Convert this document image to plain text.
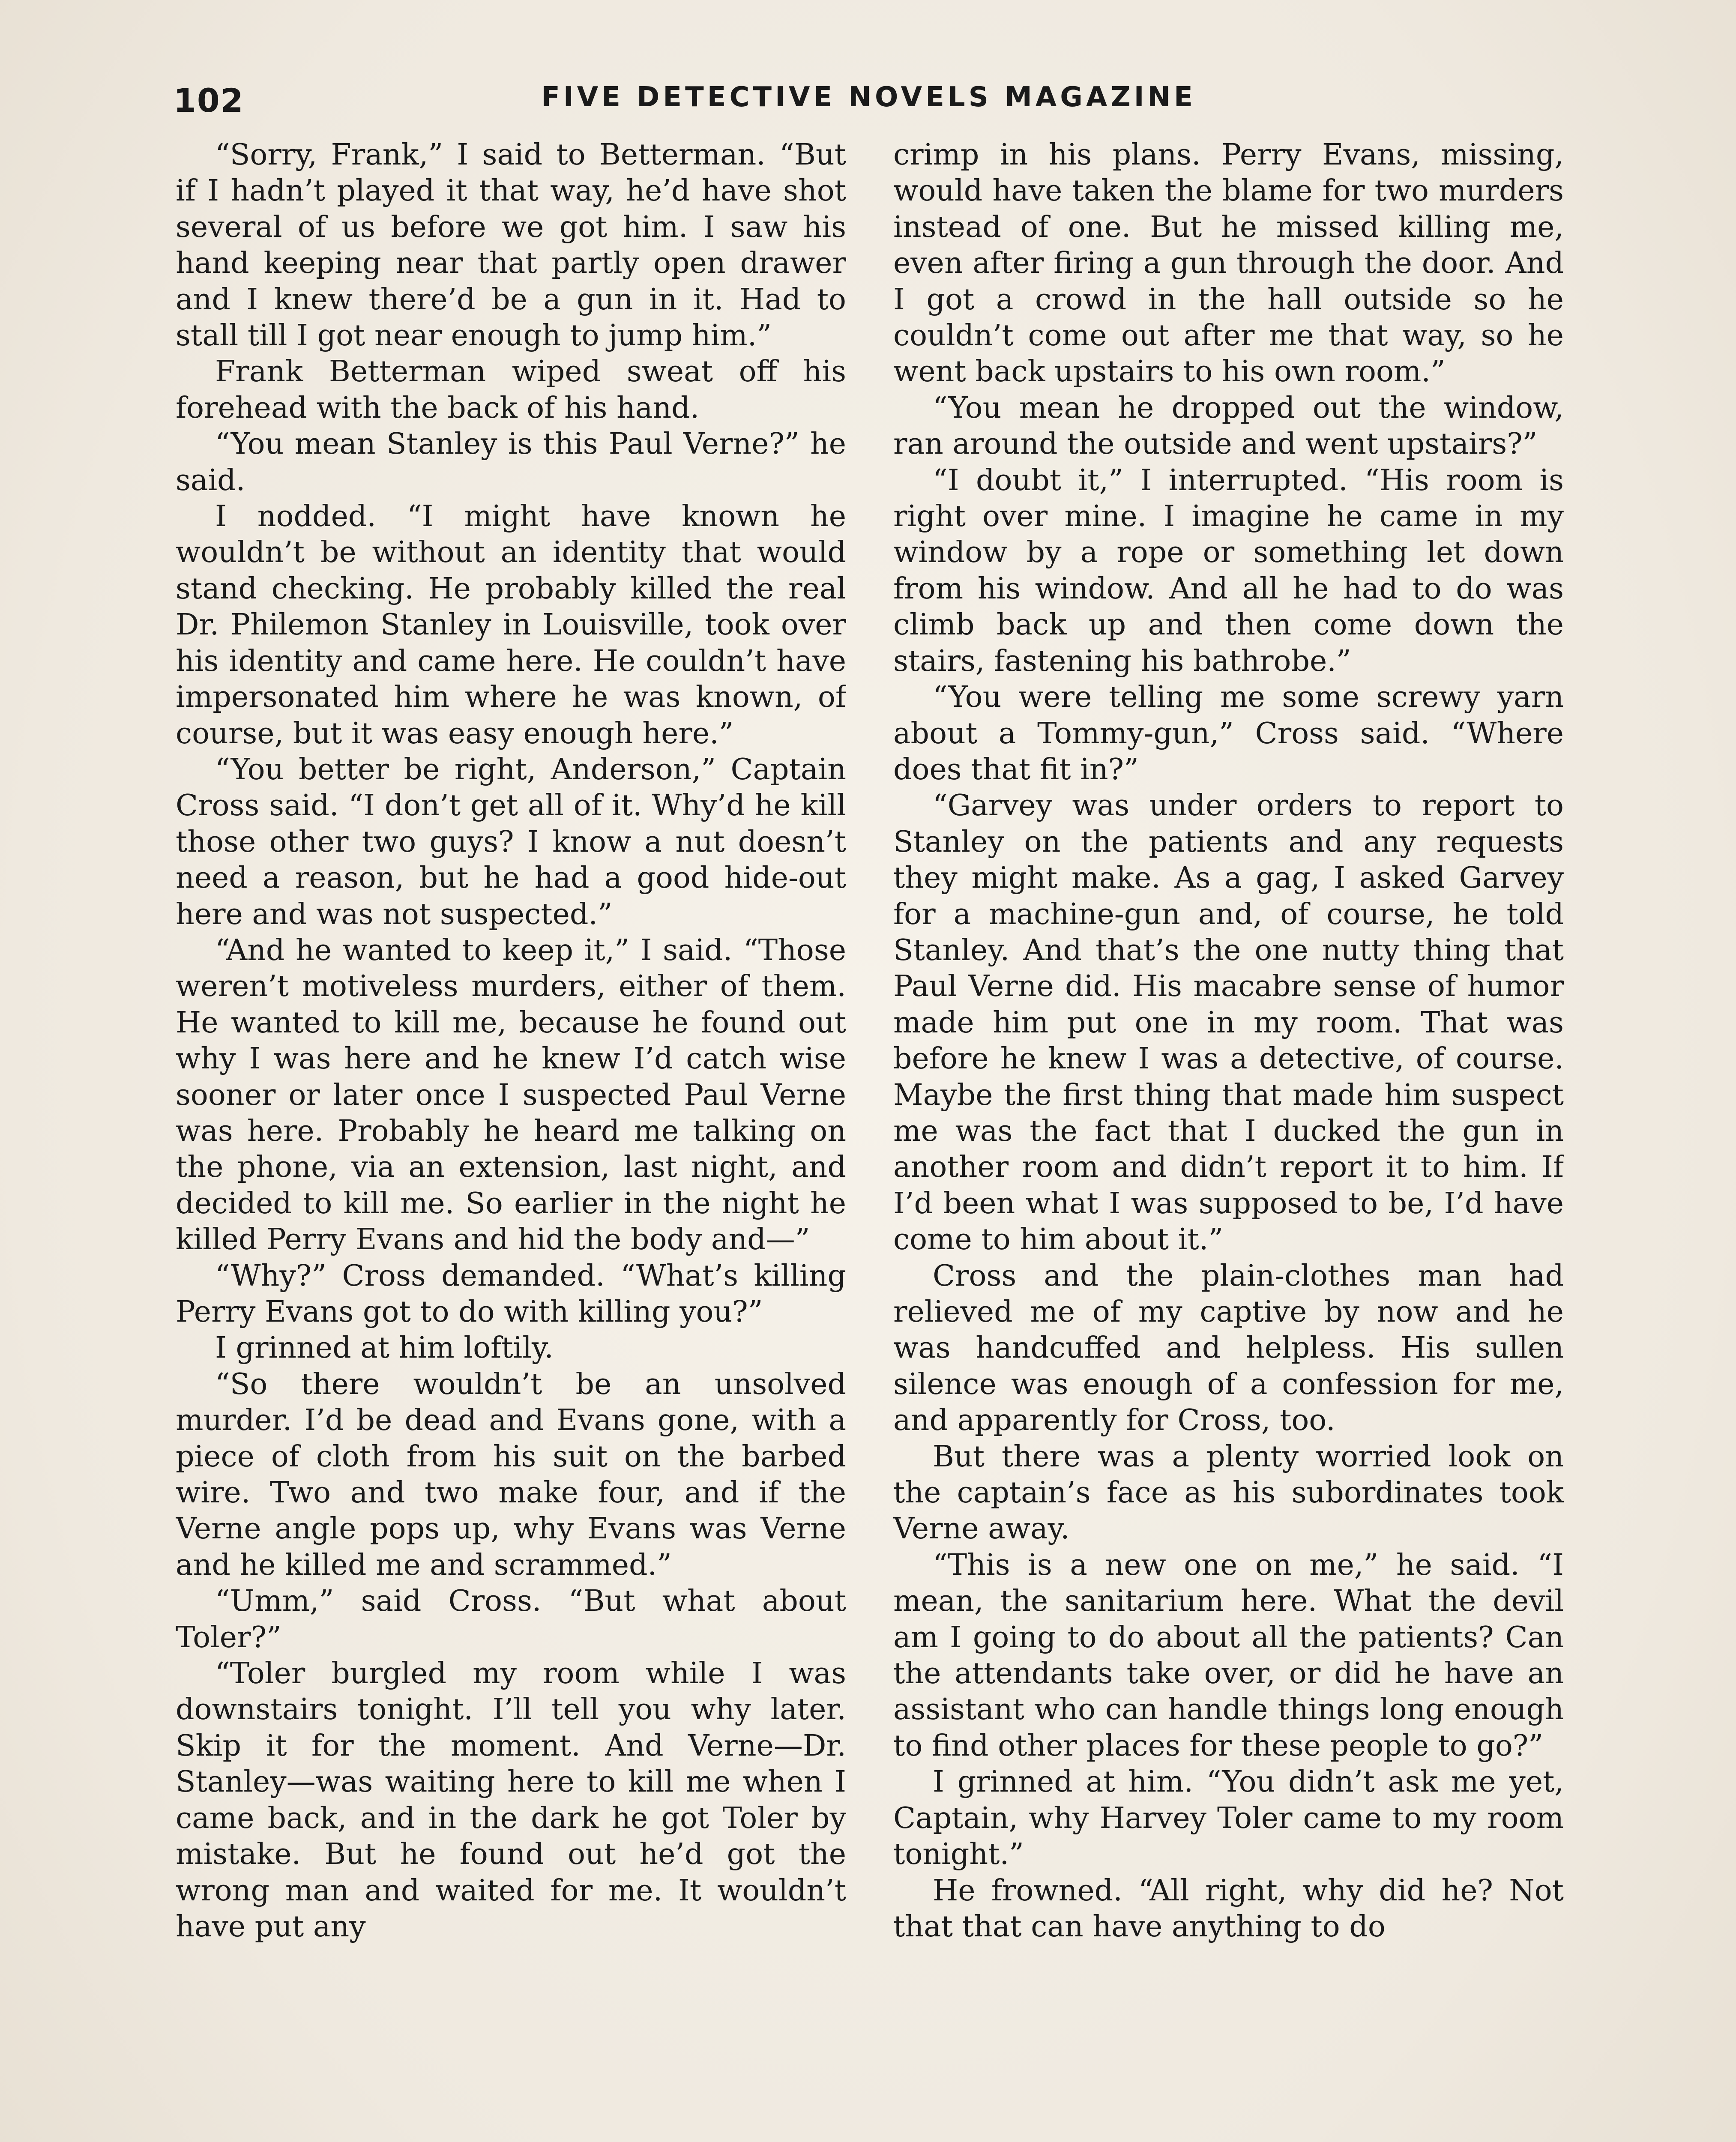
102	FIVE DETECTIVE NOVELS MAGAZINE

“Sorry, Frank,” I said to Betterman. “But if I hadn’t played it that way, he’d have shot several of us before we got him. I saw his hand keeping near that partly open drawer and I knew there’d be a gun in it. Had to stall till I got near enough to jump him.”

Frank Betterman wiped sweat off his forehead with the back of his hand.

“You mean Stanley is this Paul Verne?” he said.

I nodded. “I might have known he wouldn’t be without an identity that would stand checking. He probably killed the real Dr. Philemon Stanley in Louisville, took over his identity and came here. He couldn’t have impersonated him where he was known, of course, but it was easy enough here.”

“You better be right, Anderson,” Captain Cross said. “I don’t get all of it. Why’d he kill those other two guys? I know a nut doesn’t need a reason, but he had a good hide-out here and was not suspected.”

“And he wanted to keep it,” I said. “Those weren’t motiveless murders, either of them. He wanted to kill me, because he found out why I was here and he knew I’d catch wise sooner or later once I suspected Paul Verne was here. Probably he heard me talking on the phone, via an extension, last night, and decided to kill me. So earlier in the night he killed Perry Evans and hid the body and—”

“Why?” Cross demanded. “What’s killing Perry Evans got to do with killing you?”

I grinned at him loftily.

“So there wouldn’t be an unsolved murder. I’d be dead and Evans gone, with a piece of cloth from his suit on the barbed wire. Two and two make four, and if the Verne angle pops up, why Evans was Verne and he killed me and scrammed.”

“Umm,” said Cross. “But what about Toler?”

“Toler burgled my room while I was downstairs tonight. I’ll tell you why later. Skip it for the moment. And Verne—Dr. Stanley—was waiting here to kill me when I came back, and in the dark he got Toler by mistake. But he found out he’d got the wrong man and waited for me. It wouldn’t have put any

crimp in his plans. Perry Evans, missing, would have taken the blame for two murders instead of one. But he missed killing me, even after firing a gun through the door. And I got a crowd in the hall outside so he couldn’t come out after me that way, so he went back upstairs to his own room.”

“You mean he dropped out the window, ran around the outside and went upstairs?”

“I doubt it,” I interrupted. “His room is right over mine. I imagine he came in my window by a rope or something let down from his window. And all he had to do was climb back up and then come down the stairs, fastening his bathrobe.”

“You were telling me some screwy yarn about a Tommy-gun,” Cross said. “Where does that fit in?”

“Garvey was under orders to report to Stanley on the patients and any requests they might make. As a gag, I asked Garvey for a machine-gun and, of course, he told Stanley. And that’s the one nutty thing that Paul Verne did. His macabre sense of humor made him put one in my room. That was before he knew I was a detective, of course. Maybe the first thing that made him suspect me was the fact that I ducked the gun in another room and didn’t report it to him. If I’d been what I was supposed to be, I’d have come to him about it.”

Cross and the plain-clothes man had relieved me of my captive by now and he was handcuffed and helpless. His sullen silence was enough of a confession for me, and apparently for Cross, too.

But there was a plenty worried look on the captain’s face as his subordinates took Verne away.

“This is a new one on me,” he said. “I mean, the sanitarium here. What the devil am I going to do about all the patients? Can the attendants take over, or did he have an assistant who can handle things long enough to find other places for these people to go?”

I grinned at him. “You didn’t ask me yet, Captain, why Harvey Toler came to my room tonight.”

He frowned. “All right, why did he? Not that that can have anything to do
